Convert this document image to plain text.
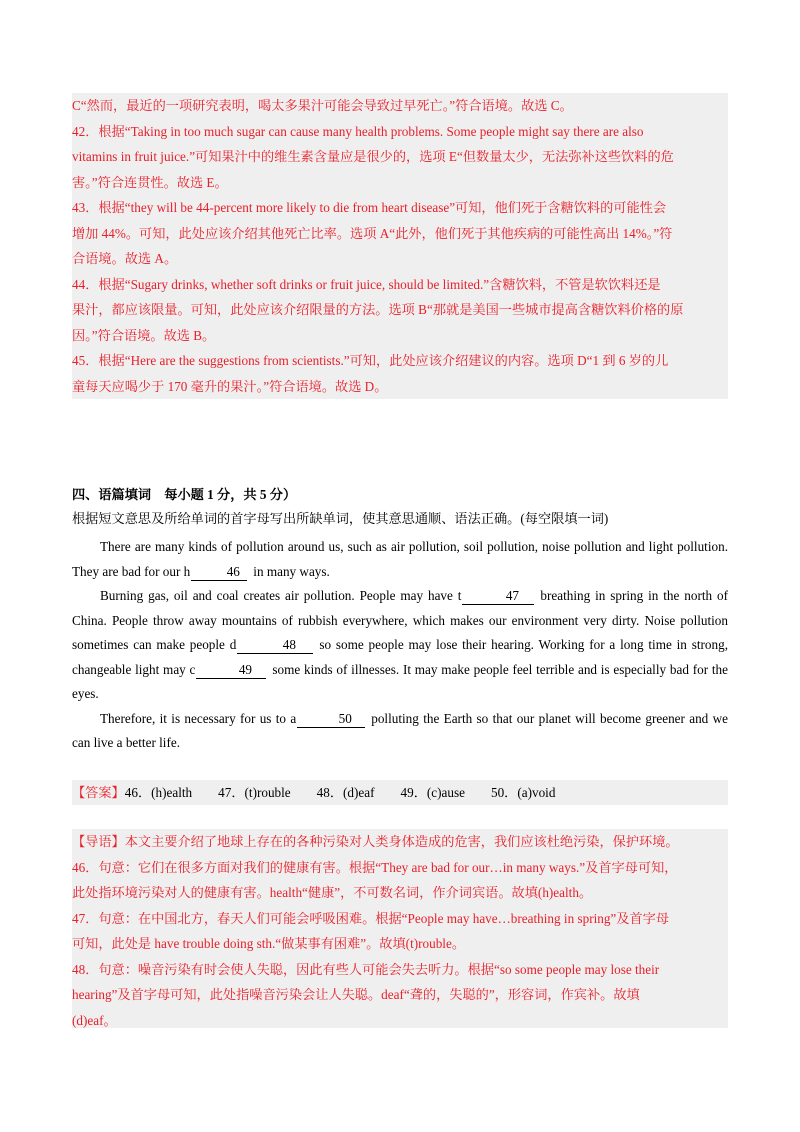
C“然而，最近的一项研究表明，喝太多果汁可能会导致过早死亡。”符合语境。故选 C。
42．根据“Taking in too much sugar can cause many health problems. Some people might say there are also
vitamins in fruit juice.”可知果汁中的维生素含量应是很少的，选项 E“但数量太少，无法弥补这些饮料的危
害。”符合连贯性。故选 E。
43．根据“they will be 44-percent more likely to die from heart disease”可知，他们死于含糖饮料的可能性会
增加 44%。可知，此处应该介绍其他死亡比率。选项 A“此外，他们死于其他疾病的可能性高出 14%。”符
合语境。故选 A。
44．根据“Sugary drinks, whether soft drinks or fruit juice, should be limited.”含糖饮料，不管是软饮料还是
果汁，都应该限量。可知，此处应该介绍限量的方法。选项 B“那就是美国一些城市提高含糖饮料价格的原
因。”符合语境。故选 B。
45．根据“Here are the suggestions from scientists.”可知，此处应该介绍建议的内容。选项 D“1 到 6 岁的儿
童每天应喝少于 170 毫升的果汁。”符合语境。故选 D。
四、语篇填词　每小题 1 分，共 5 分）
根据短文意思及所给单词的首字母写出所缺单词，使其意思通顺、语法正确。(每空限填一词)

There are many kinds of pollution around us, such as air pollution, soil pollution, noise pollution and light pollution. They are bad for our h	46 in many ways.

Burning gas, oil and coal creates air pollution. People may have t	47 breathing in spring in the north of China. People throw away mountains of rubbish everywhere, which makes our environment very dirty. Noise pollution sometimes can make people d	48 so some people may lose their hearing. Working for a long time in strong, changeable light may c	49 some kinds of illnesses. It may make people feel terrible and is especially bad for the eyes.

Therefore, it is necessary for us to a	50 polluting the Earth so that our planet will become greener and we can live a better life.

【答案】46．(h)ealth 47．(t)rouble 48．(d)eaf 49．(c)ause 50．(a)void
【导语】本文主要介绍了地球上存在的各种污染对人类身体造成的危害，我们应该杜绝污染，保护环境。
46．句意：它们在很多方面对我们的健康有害。根据“They are bad for our…in many ways.”及首字母可知，
此处指环境污染对人的健康有害。health“健康”，不可数名词，作介词宾语。故填(h)ealth。
47．句意：在中国北方，春天人们可能会呼吸困难。根据“People may have…breathing in spring”及首字母
可知，此处是 have trouble doing sth.“做某事有困难”。故填(t)rouble。
48．句意：噪音污染有时会使人失聪，因此有些人可能会失去听力。根据“so some people may lose their
hearing”及首字母可知，此处指噪音污染会让人失聪。deaf“聋的，失聪的”，形容词，作宾补。故填
(d)eaf。
